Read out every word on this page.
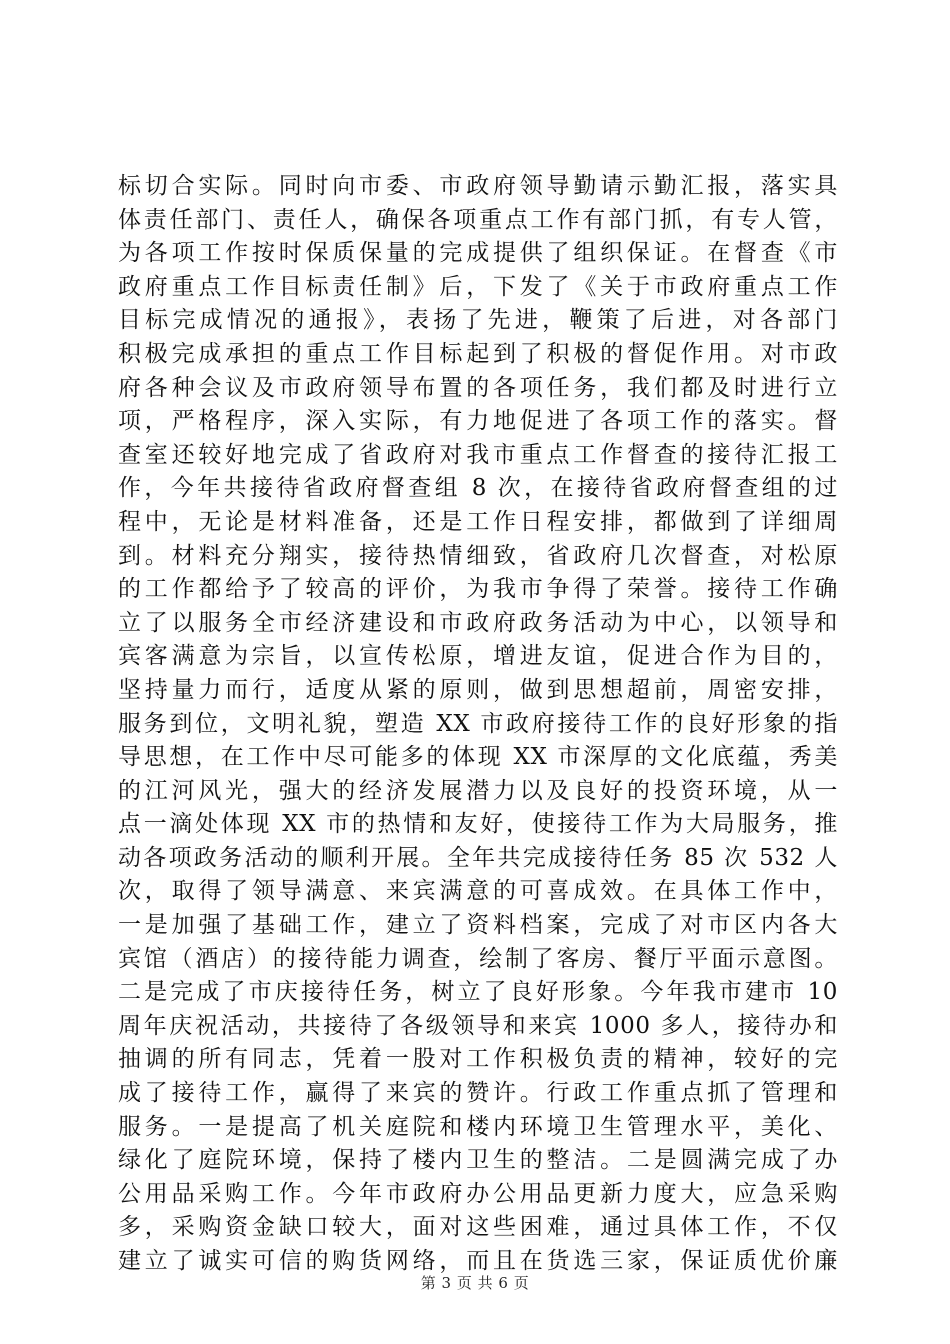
标切合实际。同时向市委、市政府领导勤请示勤汇报，落实具
体责任部门、责任人，确保各项重点工作有部门抓，有专人管，
为各项工作按时保质保量的完成提供了组织保证。在督查《市
政府重点工作目标责任制》后，下发了《关于市政府重点工作
目标完成情况的通报》，表扬了先进，鞭策了后进，对各部门
积极完成承担的重点工作目标起到了积极的督促作用。对市政
府各种会议及市政府领导布置的各项任务，我们都及时进行立
项，严格程序，深入实际，有力地促进了各项工作的落实。督
查室还较好地完成了省政府对我市重点工作督查的接待汇报工
作，今年共接待省政府督查组 8 次，在接待省政府督查组的过
程中，无论是材料准备，还是工作日程安排，都做到了详细周
到。材料充分翔实，接待热情细致，省政府几次督查，对松原
的工作都给予了较高的评价，为我市争得了荣誉。接待工作确
立了以服务全市经济建设和市政府政务活动为中心，以领导和
宾客满意为宗旨，以宣传松原，增进友谊，促进合作为目的，
坚持量力而行，适度从紧的原则，做到思想超前，周密安排，
服务到位，文明礼貌，塑造 XX 市政府接待工作的良好形象的指
导思想，在工作中尽可能多的体现 XX 市深厚的文化底蕴，秀美
的江河风光，强大的经济发展潜力以及良好的投资环境，从一
点一滴处体现 XX 市的热情和友好，使接待工作为大局服务，推
动各项政务活动的顺利开展。全年共完成接待任务 85 次 532 人
次，取得了领导满意、来宾满意的可喜成效。在具体工作中，
一是加强了基础工作，建立了资料档案，完成了对市区内各大
宾馆（酒店）的接待能力调查，绘制了客房、餐厅平面示意图。
二是完成了市庆接待任务，树立了良好形象。今年我市建市 10
周年庆祝活动，共接待了各级领导和来宾 1000 多人，接待办和
抽调的所有同志，凭着一股对工作积极负责的精神，较好的完
成了接待工作，赢得了来宾的赞许。行政工作重点抓了管理和
服务。一是提高了机关庭院和楼内环境卫生管理水平，美化、
绿化了庭院环境，保持了楼内卫生的整洁。二是圆满完成了办
公用品采购工作。今年市政府办公用品更新力度大，应急采购
多，采购资金缺口较大，面对这些困难，通过具体工作，不仅
建立了诚实可信的购货网络，而且在货选三家，保证质优价廉
第 3 页 共 6 页
